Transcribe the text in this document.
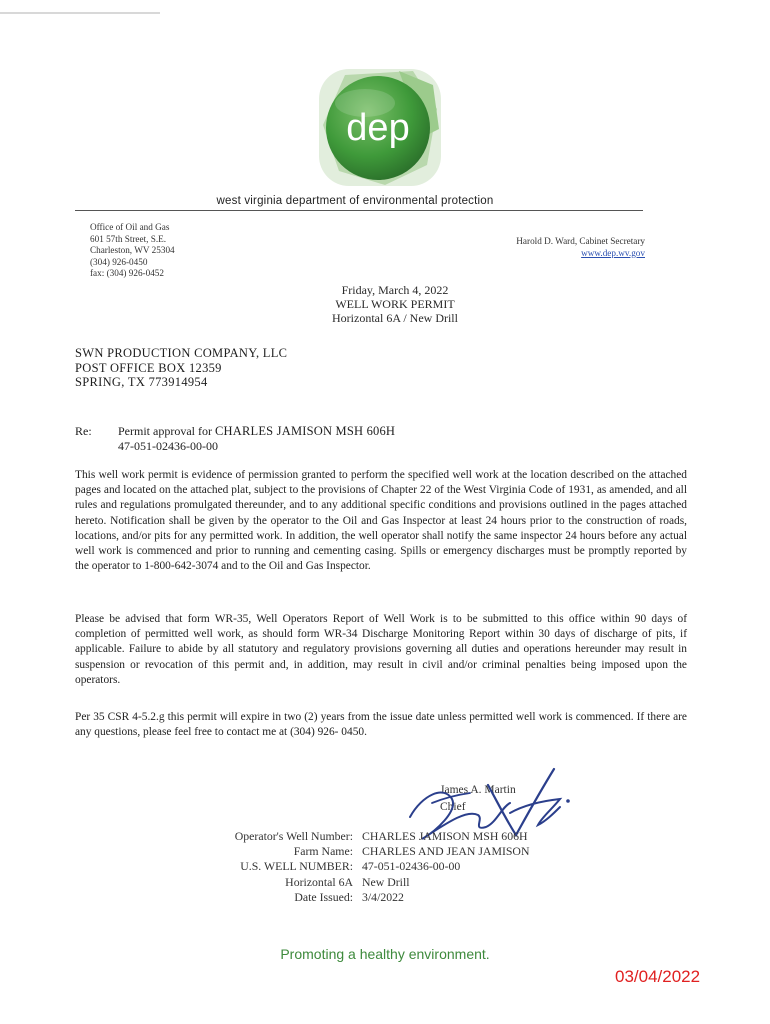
dep
west virginia department of environmental protection
Office of Oil and Gas
601 57th Street, S.E.
Charleston, WV 25304
(304) 926-0450
fax: (304) 926-0452
Harold D. Ward, Cabinet Secretary
www.dep.wv.gov
Friday, March 4, 2022
WELL WORK PERMIT
Horizontal 6A / New Drill
SWN PRODUCTION COMPANY, LLC
POST OFFICE BOX 12359
SPRING, TX 773914954
Re: Permit approval for CHARLES JAMISON MSH 606H
47-051-02436-00-00
This well work permit is evidence of permission granted to perform the specified well work at the location described on the attached pages and located on the attached plat, subject to the provisions of Chapter 22 of the West Virginia Code of 1931, as amended, and all rules and regulations promulgated thereunder, and to any additional specific conditions and provisions outlined in the pages attached hereto. Notification shall be given by the operator to the Oil and Gas Inspector at least 24 hours prior to the construction of roads, locations, and/or pits for any permitted work. In addition, the well operator shall notify the same inspector 24 hours before any actual well work is commenced and prior to running and cementing casing. Spills or emergency discharges must be promptly reported by the operator to 1-800-642-3074 and to the Oil and Gas Inspector.
Please be advised that form WR-35, Well Operators Report of Well Work is to be submitted to this office within 90 days of completion of permitted well work, as should form WR-34 Discharge Monitoring Report within 30 days of discharge of pits, if applicable. Failure to abide by all statutory and regulatory provisions governing all duties and operations hereunder may result in suspension or revocation of this permit and, in addition, may result in civil and/or criminal penalties being imposed upon the operators.
Per 35 CSR 4-5.2.g this permit will expire in two (2) years from the issue date unless permitted well work is commenced. If there are any questions, please feel free to contact me at (304) 926- 0450.
James A. Martin
Chief
Operator's Well Number:
Farm Name:
U.S. WELL NUMBER:
Horizontal 6A
Date Issued:
CHARLES JAMISON MSH 606H
CHARLES AND JEAN JAMISON
47-051-02436-00-00
New Drill
3/4/2022
Promoting a healthy environment.
03/04/2022
